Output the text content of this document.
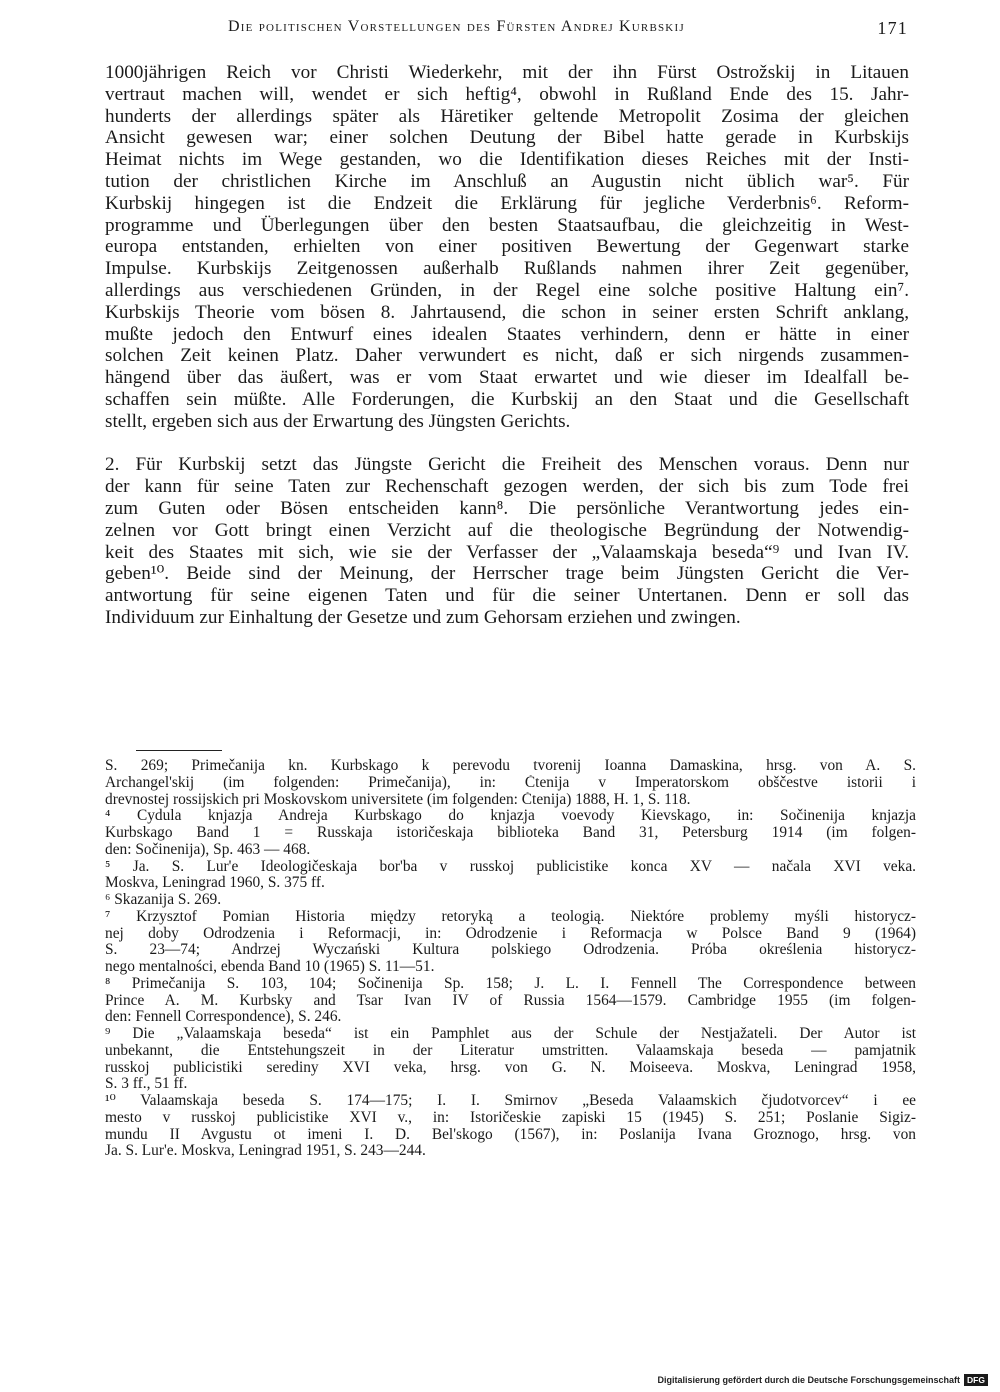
Die politischen Vorstellungen des Fürsten Andrej Kurbskij	171
1000jährigen Reich vor Christi Wiederkehr, mit der ihn Fürst Ostrožskij in Litauen
vertraut machen will, wendet er sich heftig⁴, obwohl in Rußland Ende des 15. Jahr-
hunderts der allerdings später als Häretiker geltende Metropolit Zosima der gleichen
Ansicht gewesen war; einer solchen Deutung der Bibel hatte gerade in Kurbskijs
Heimat nichts im Wege gestanden, wo die Identifikation dieses Reiches mit der Insti-
tution der christlichen Kirche im Anschluß an Augustin nicht üblich war⁵. Für
Kurbskij hingegen ist die Endzeit die Erklärung für jegliche Verderbnis⁶. Reform-
programme und Überlegungen über den besten Staatsaufbau, die gleichzeitig in West-
europa entstanden, erhielten von einer positiven Bewertung der Gegenwart starke
Impulse. Kurbskijs Zeitgenossen außerhalb Rußlands nahmen ihrer Zeit gegenüber,
allerdings aus verschiedenen Gründen, in der Regel eine solche positive Haltung ein⁷.
Kurbskijs Theorie vom bösen 8. Jahrtausend, die schon in seiner ersten Schrift anklang,
mußte jedoch den Entwurf eines idealen Staates verhindern, denn er hätte in einer
solchen Zeit keinen Platz. Daher verwundert es nicht, daß er sich nirgends zusammen-
hängend über das äußert, was er vom Staat erwartet und wie dieser im Idealfall be-
schaffen sein müßte. Alle Forderungen, die Kurbskij an den Staat und die Gesellschaft
stellt, ergeben sich aus der Erwartung des Jüngsten Gerichts.
2. Für Kurbskij setzt das Jüngste Gericht die Freiheit des Menschen voraus. Denn nur
der kann für seine Taten zur Rechenschaft gezogen werden, der sich bis zum Tode frei
zum Guten oder Bösen entscheiden kann⁸. Die persönliche Verantwortung jedes ein-
zelnen vor Gott bringt einen Verzicht auf die theologische Begründung der Notwendig-
keit des Staates mit sich, wie sie der Verfasser der „Valaamskaja beseda“⁹ und Ivan IV.
geben¹⁰. Beide sind der Meinung, der Herrscher trage beim Jüngsten Gericht die Ver-
antwortung für seine eigenen Taten und für die seiner Untertanen. Denn er soll das
Individuum zur Einhaltung der Gesetze und zum Gehorsam erziehen und zwingen.
S. 269; Primečanija kn. Kurbskago k perevodu tvorenij Ioanna Damaskina, hrsg. von A. S.
Archangel'skij (im folgenden: Primečanija), in: Čtenija v Imperatorskom obščestve istorii i
drevnostej rossijskich pri Moskovskom universitete (im folgenden: Čtenija) 1888, H. 1, S. 118.
⁴ Cydula knjazja Andreja Kurbskago do knjazja voevody Kievskago, in: Sočinenija knjazja
Kurbskago Band 1 = Russkaja istoričeskaja biblioteka Band 31, Petersburg 1914 (im folgen-
den: Sočinenija), Sp. 463 — 468.
⁵ Ja. S. Lur'e Ideologičeskaja bor'ba v russkoj publicistike konca XV — načala XVI veka.
Moskva, Leningrad 1960, S. 375 ff.
⁶ Skazanija S. 269.
⁷ Krzysztof Pomian Historia między retoryką a teologią. Niektóre problemy myśli historycz-
nej doby Odrodzenia i Reformacji, in: Odrodzenie i Reformacja w Polsce Band 9 (1964)
S. 23—74; Andrzej Wyczański Kultura polskiego Odrodzenia. Próba określenia historycz-
nego mentalności, ebenda Band 10 (1965) S. 11—51.
⁸ Primečanija S. 103, 104; Sočinenija Sp. 158; J. L. I. Fennell The Correspondence between
Prince A. M. Kurbsky and Tsar Ivan IV of Russia 1564—1579. Cambridge 1955 (im folgen-
den: Fennell Correspondence), S. 246.
⁹ Die „Valaamskaja beseda“ ist ein Pamphlet aus der Schule der Nestjažateli. Der Autor ist
unbekannt, die Entstehungszeit in der Literatur umstritten. Valaamskaja beseda — pamjatnik
russkoj publicistiki serediny XVI veka, hrsg. von G. N. Moiseeva. Moskva, Leningrad 1958,
S. 3 ff., 51 ff.
¹⁰ Valaamskaja beseda S. 174—175; I. I. Smirnov „Beseda Valaamskich čjudotvorcev“ i ee
mesto v russkoj publicistike XVI v., in: Istoričeskie zapiski 15 (1945) S. 251; Poslanie Sigiz-
mundu II Avgustu ot imeni I. D. Bel'skogo (1567), in: Poslanija Ivana Groznogo, hrsg. von
Ja. S. Lur'e. Moskva, Leningrad 1951, S. 243—244.
Digitalisierung gefördert durch die Deutsche Forschungsgemeinschaft DFG
